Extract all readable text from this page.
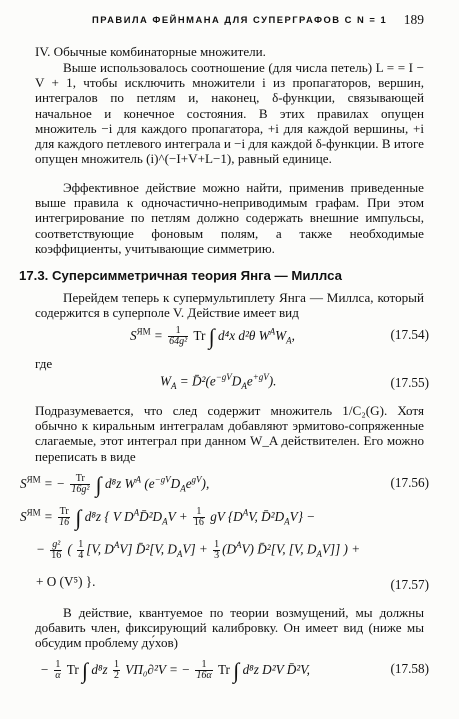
ПРАВИЛА ФЕЙНМАНА ДЛЯ СУПЕРГРАФОВ С N = 1 189

IV. Обычные комбинаторные множители.

Выше использовалось соотношение (для числа петель) L = = I − V + 1, чтобы исключить множители i из пропагаторов, вершин, интегралов по петлям и, наконец, δ-функции, связывающей начальное и конечное состояния. В этих правилах опущен множитель −i для каждого пропагатора, +i для каждой вершины, +i для каждого петлевого интеграла и −i для каждой δ-функции. В итоге опущен множитель (i)^(−I+V+L−1), равный единице.

Эффективное действие можно найти, применив приведенные выше правила к одночастично-неприводимым графам. При этом интегрирование по петлям должно содержать внешние импульсы, соответствующие фоновым полям, а также необходимые коэффициенты, учитывающие симметрию.

17.3. Суперсимметричная теория Янга — Миллса

Перейдем теперь к супермультиплету Янга — Миллса, который содержится в суперполе V. Действие имеет вид

$S^{ЯМ} = \frac{1}{\text{64g²}}$ Tr ∫ d⁴x d²θ $W^AW_A$,	(17.54)
где
$W_A$ = $D̄^2(e^{-gV}D_Ae^{+gV})$.	(17.55)

Подразумевается, что след содержит множитель 1/C₂(G). Хотя обычно к киральным интегралам добавляют эрмитово-сопряженные слагаемые, этот интеграл при данном W_A действителен. Его можно переписать в виде

$S^{ЯМ}$ = − $\frac{Tr}{\text{16g²}}$ ∫ d⁸z $W^A$ $(e^{-gV}D_Ae^{gV})$,	(17.56)
$S^{ЯМ} = \frac{Tr}{16}$ ∫ d⁸z { V $D^AD̄^2D_AV + \frac{1}{16}$ gV {$D^AV$, $D̄^2D_AV$} −
− $\frac{\text{g²}}{16}$ ( $\frac{1}{4} [V$, $D^AV$] D̄²[V, $D_AV] + \frac{1}{3} (D^AV)$ D̄²[V, [V, $D_AV$]] ) +
+ O (V⁵) }.	(17.57)

В действие, квантуемое по теории возмущений, мы должны добавить член, фиксирующий калибровку. Он имеет вид (ниже мы обсудим проблему ду́хов)

− $\frac{1}{\alpha}$ Tr ∫ $d^8z \frac{1}{2} V\Pi_0\partial^2V$ = − $\frac{1}{16\alpha}$ Tr ∫ d⁸z D²V D̄²V,	(17.58)
